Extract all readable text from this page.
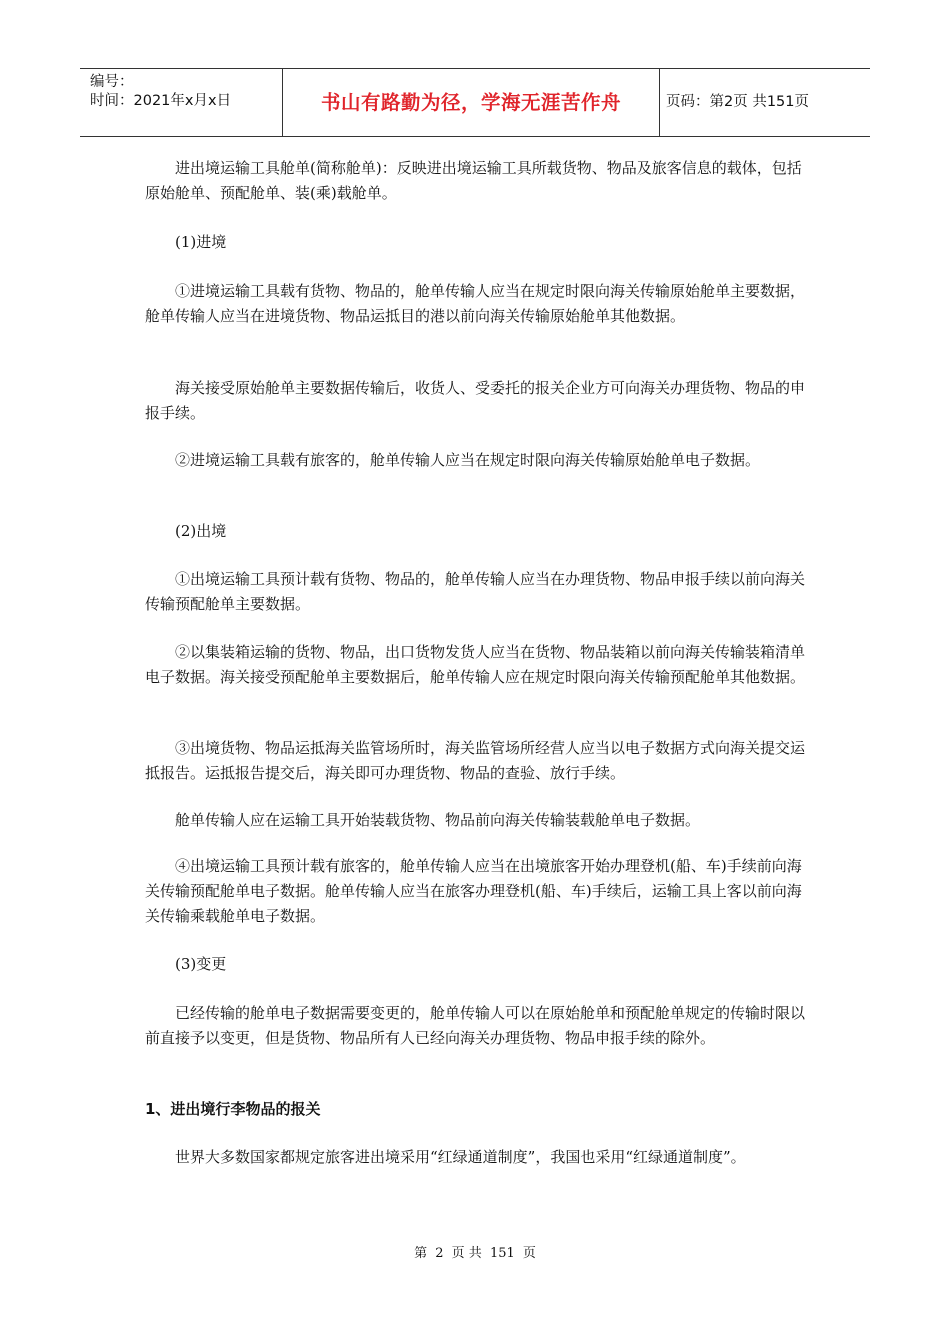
编号：
时间：2021年x月x日	书山有路勤为径，学海无涯苦作舟	页码：第2页 共151页

进出境运输工具舱单(简称舱单)：反映进出境运输工具所载货物、物品及旅客信息的载体，包括原始舱单、预配舱单、装(乘)载舱单。

(1)进境

①进境运输工具载有货物、物品的，舱单传输人应当在规定时限向海关传输原始舱单主要数据，舱单传输人应当在进境货物、物品运抵目的港以前向海关传输原始舱单其他数据。

海关接受原始舱单主要数据传输后，收货人、受委托的报关企业方可向海关办理货物、物品的申报手续。

②进境运输工具载有旅客的，舱单传输人应当在规定时限向海关传输原始舱单电子数据。

(2)出境

①出境运输工具预计载有货物、物品的，舱单传输人应当在办理货物、物品申报手续以前向海关传输预配舱单主要数据。

②以集装箱运输的货物、物品，出口货物发货人应当在货物、物品装箱以前向海关传输装箱清单电子数据。海关接受预配舱单主要数据后，舱单传输人应在规定时限向海关传输预配舱单其他数据。

③出境货物、物品运抵海关监管场所时，海关监管场所经营人应当以电子数据方式向海关提交运抵报告。运抵报告提交后，海关即可办理货物、物品的查验、放行手续。

舱单传输人应在运输工具开始装载货物、物品前向海关传输装载舱单电子数据。

④出境运输工具预计载有旅客的，舱单传输人应当在出境旅客开始办理登机(船、车)手续前向海关传输预配舱单电子数据。舱单传输人应当在旅客办理登机(船、车)手续后，运输工具上客以前向海关传输乘载舱单电子数据。

(3)变更

已经传输的舱单电子数据需要变更的，舱单传输人可以在原始舱单和预配舱单规定的传输时限以前直接予以变更，但是货物、物品所有人已经向海关办理货物、物品申报手续的除外。

1、进出境行李物品的报关

世界大多数国家都规定旅客进出境采用“红绿通道制度”，我国也采用“红绿通道制度”。

第 2 页 共 151 页
